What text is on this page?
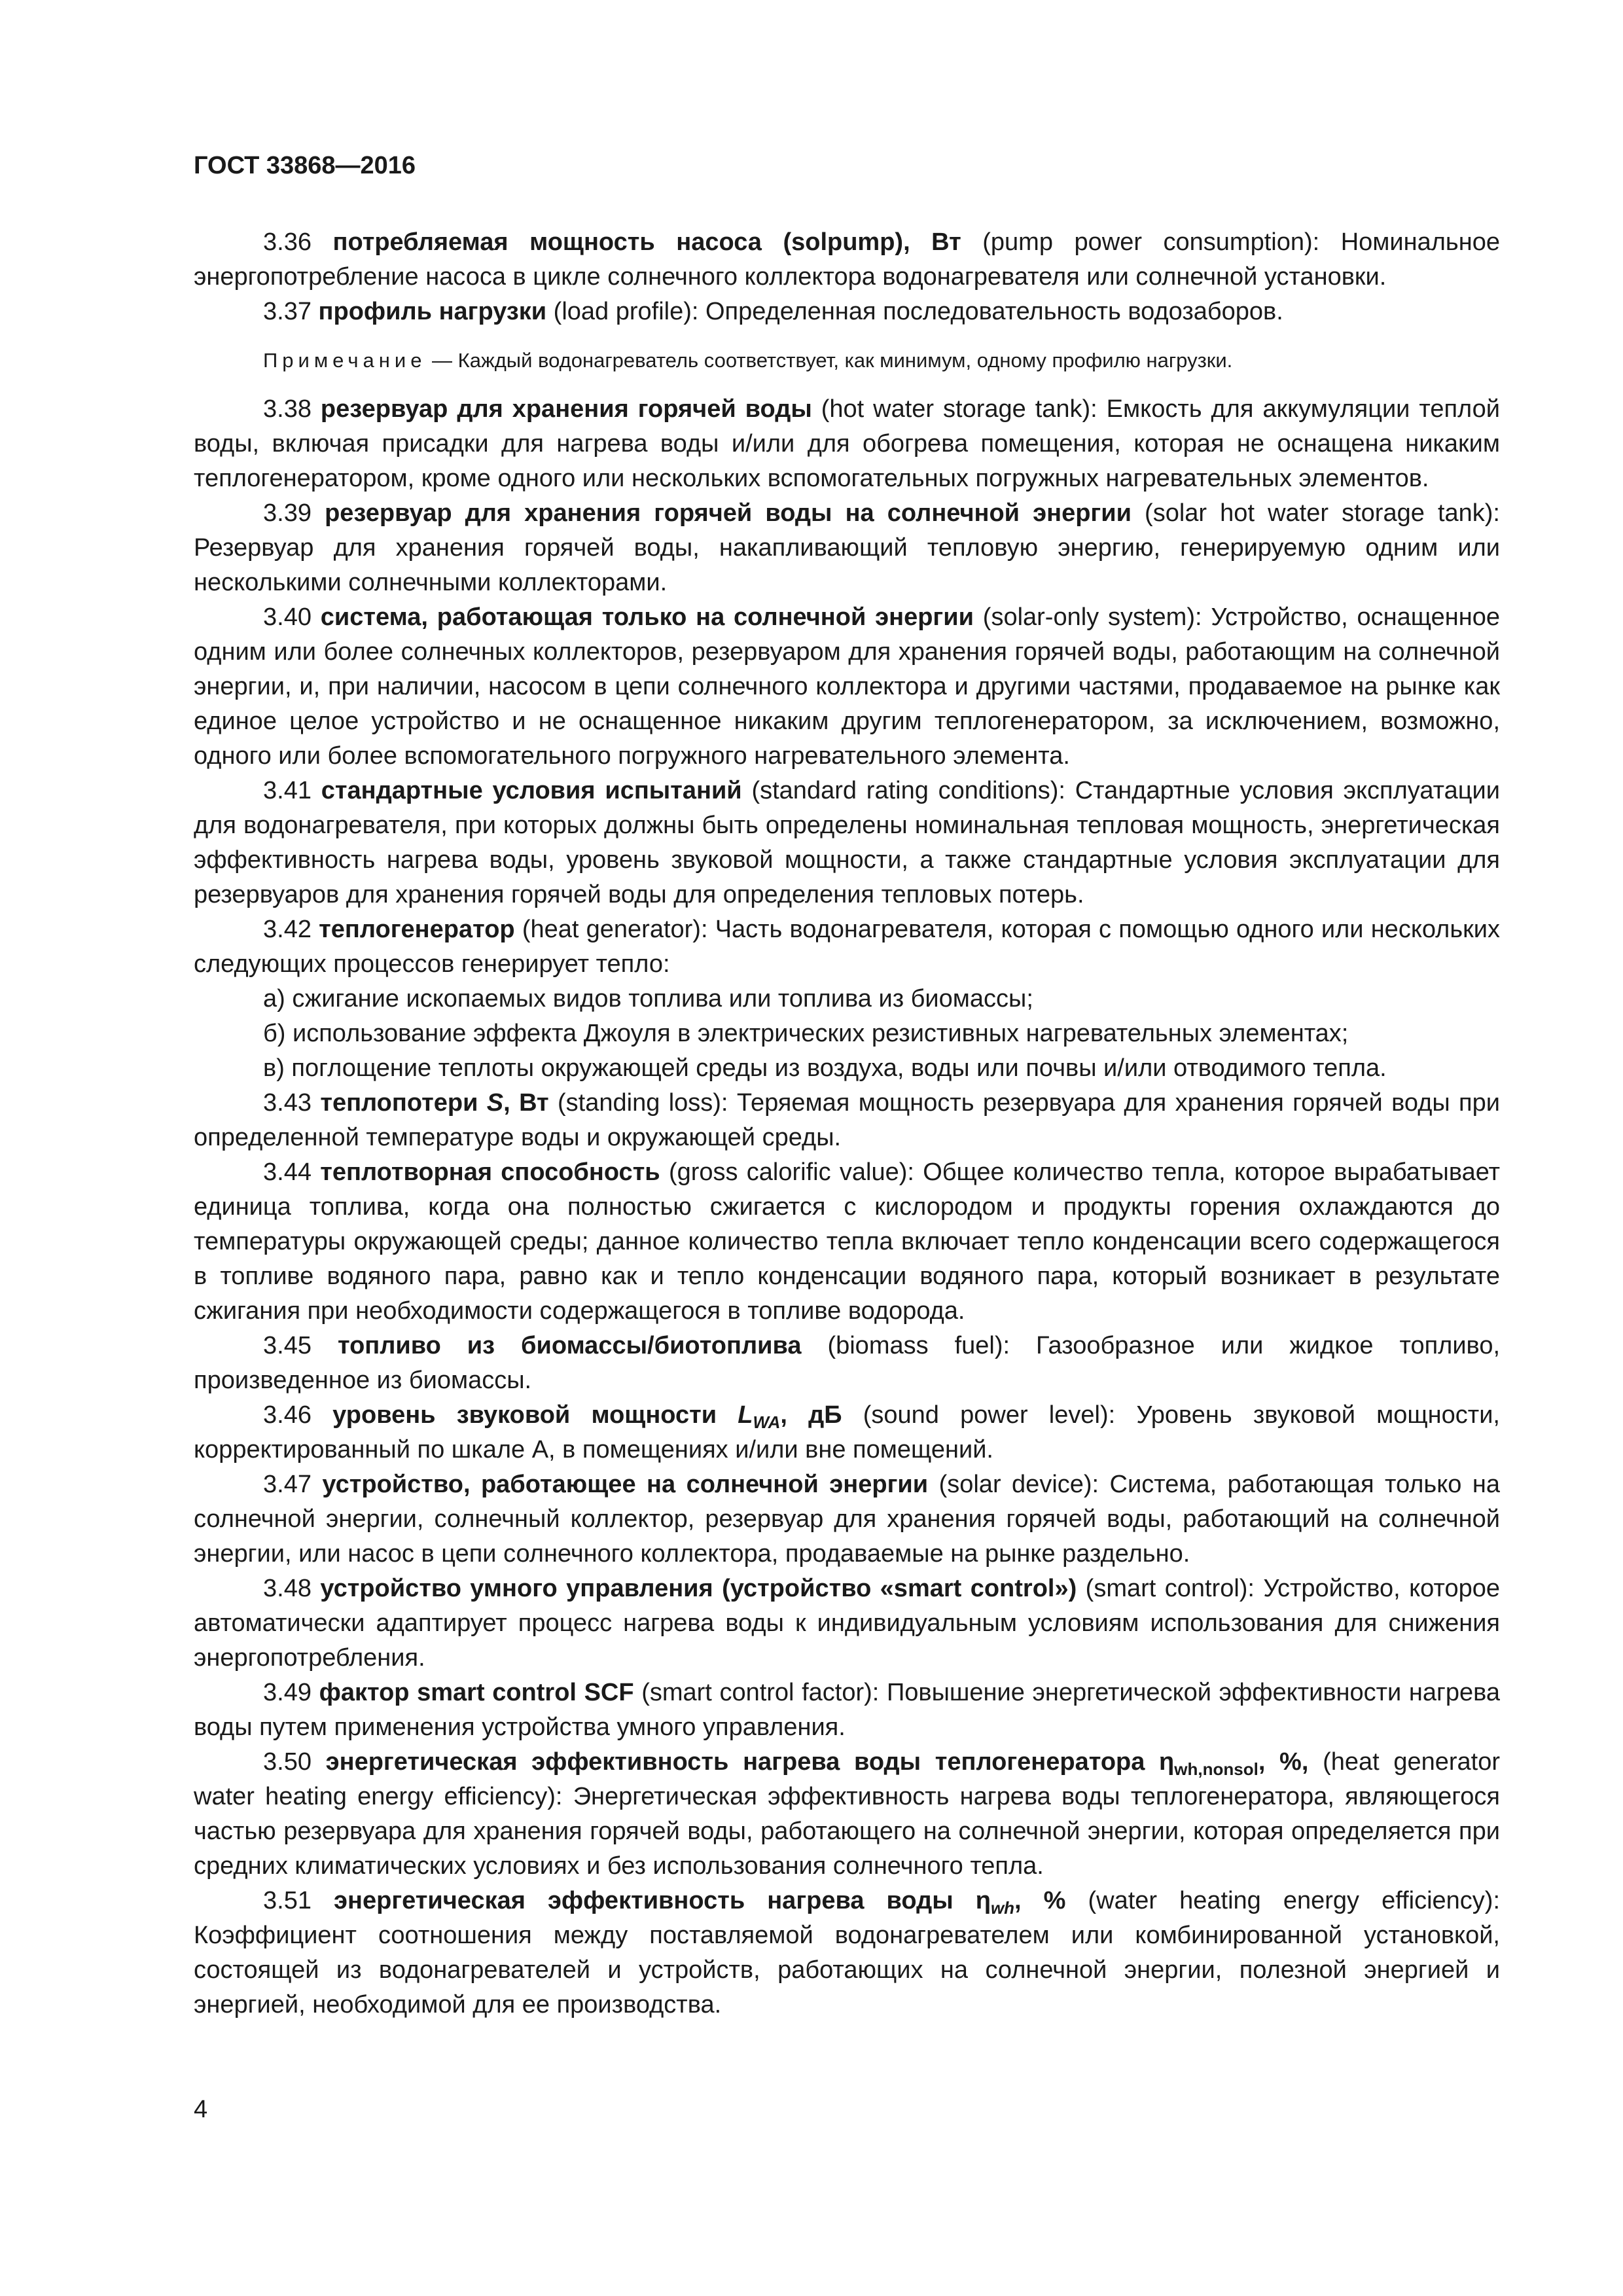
ГОСТ 33868—2016

3.36 потребляемая мощность насоса (solpump), Вт (pump power consumption): Номинальное энергопотребление насоса в цикле солнечного коллектора водонагревателя или солнечной установки.

3.37 профиль нагрузки (load profile): Определенная последовательность водозаборов.

Примечание — Каждый водонагреватель соответствует, как минимум, одному профилю нагрузки.

3.38 резервуар для хранения горячей воды (hot water storage tank): Емкость для аккумуляции теплой воды, включая присадки для нагрева воды и/или для обогрева помещения, которая не оснащена никаким теплогенератором, кроме одного или нескольких вспомогательных погружных нагревательных элементов.

3.39 резервуар для хранения горячей воды на солнечной энергии (solar hot water storage tank): Резервуар для хранения горячей воды, накапливающий тепловую энергию, генерируемую одним или несколькими солнечными коллекторами.

3.40 система, работающая только на солнечной энергии (solar-only system): Устройство, оснащенное одним или более солнечных коллекторов, резервуаром для хранения горячей воды, работающим на солнечной энергии, и, при наличии, насосом в цепи солнечного коллектора и другими частями, продаваемое на рынке как единое целое устройство и не оснащенное никаким другим теплогенератором, за исключением, возможно, одного или более вспомогательного погружного нагревательного элемента.

3.41 стандартные условия испытаний (standard rating conditions): Стандартные условия эксплуатации для водонагревателя, при которых должны быть определены номинальная тепловая мощность, энергетическая эффективность нагрева воды, уровень звуковой мощности, а также стандартные условия эксплуатации для резервуаров для хранения горячей воды для определения тепловых потерь.

3.42 теплогенератор (heat generator): Часть водонагревателя, которая с помощью одного или нескольких следующих процессов генерирует тепло:

а) сжигание ископаемых видов топлива или топлива из биомассы;

б) использование эффекта Джоуля в электрических резистивных нагревательных элементах;

в) поглощение теплоты окружающей среды из воздуха, воды или почвы и/или отводимого тепла.

3.43 теплопотери S, Вт (standing loss): Теряемая мощность резервуара для хранения горячей воды при определенной температуре воды и окружающей среды.

3.44 теплотворная способность (gross calorific value): Общее количество тепла, которое вырабатывает единица топлива, когда она полностью сжигается с кислородом и продукты горения охлаждаются до температуры окружающей среды; данное количество тепла включает тепло конденсации всего содержащегося в топливе водяного пара, равно как и тепло конденсации водяного пара, который возникает в результате сжигания при необходимости содержащегося в топливе водорода.

3.45 топливо из биомассы/биотоплива (biomass fuel): Газообразное или жидкое топливо, произведенное из биомассы.

3.46 уровень звуковой мощности $L_{WA}$, дБ (sound power level): Уровень звуковой мощности, корректированный по шкале А, в помещениях и/или вне помещений.

3.47 устройство, работающее на солнечной энергии (solar device): Система, работающая только на солнечной энергии, солнечный коллектор, резервуар для хранения горячей воды, работающий на солнечной энергии, или насос в цепи солнечного коллектора, продаваемые на рынке раздельно.

3.48 устройство умного управления (устройство «smart control») (smart control): Устройство, которое автоматически адаптирует процесс нагрева воды к индивидуальным условиям использования для снижения энергопотребления.

3.49 фактор smart control SCF (smart control factor): Повышение энергетической эффективности нагрева воды путем применения устройства умного управления.

3.50 энергетическая эффективность нагрева воды теплогенератора $\eta_{wh,nonsol}$, %, (heat generator water heating energy efficiency): Энергетическая эффективность нагрева воды теплогенератора, являющегося частью резервуара для хранения горячей воды, работающего на солнечной энергии, которая определяется при средних климатических условиях и без использования солнечного тепла.

3.51 энергетическая эффективность нагрева воды $\eta_{wh}$, % (water heating energy efficiency): Коэффициент соотношения между поставляемой водонагревателем или комбинированной установкой, состоящей из водонагревателей и устройств, работающих на солнечной энергии, полезной энергией и энергией, необходимой для ее производства.

4
